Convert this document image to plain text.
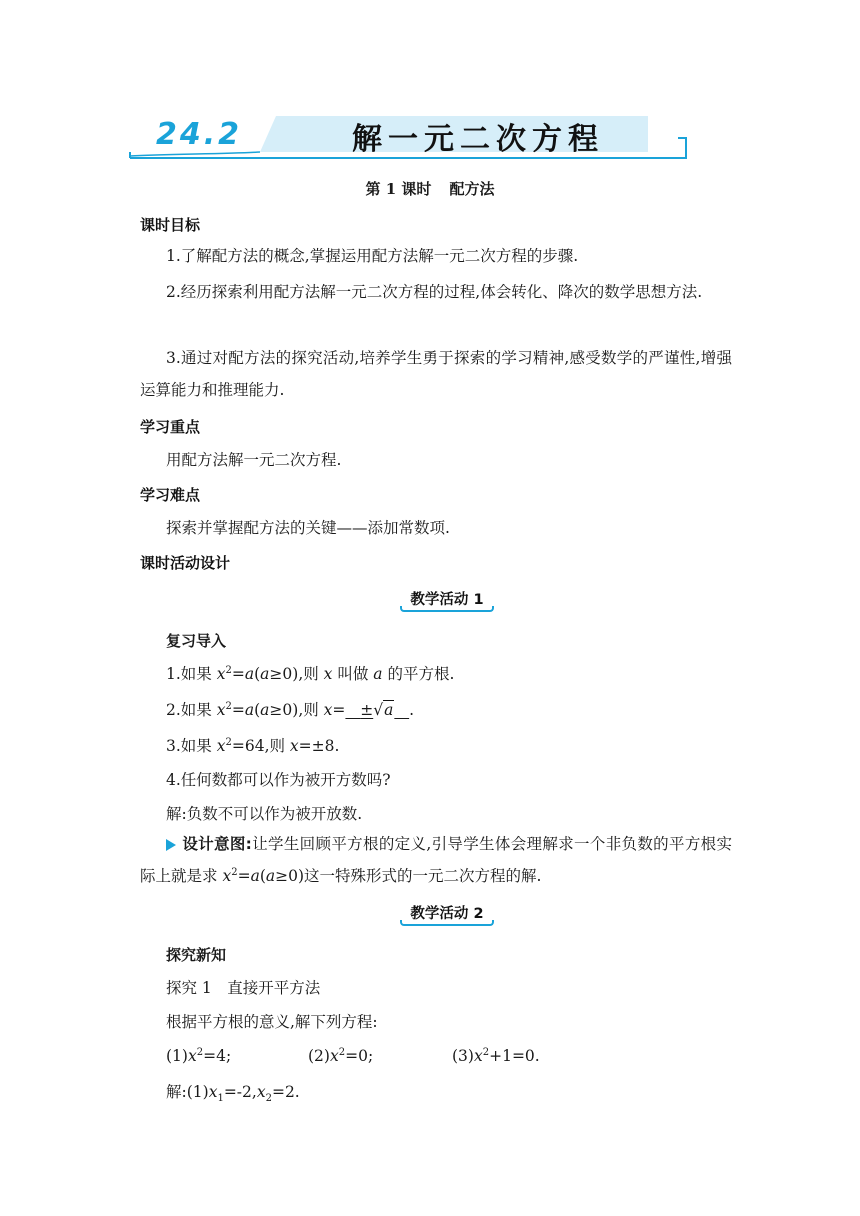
24.2	解一元二次方程
第 1 课时 配方法
课时目标
1.了解配方法的概念,掌握运用配方法解一元二次方程的步骤.
2.经历探索利用配方法解一元二次方程的过程,体会转化、降次的数学思想方法.
3.通过对配方法的探究活动,培养学生勇于探索的学习精神,感受数学的严谨性,增强运算能力和推理能力.
学习重点
用配方法解一元二次方程.
学习难点
探索并掌握配方法的关键——添加常数项.
课时活动设计
教学活动 1
复习导入
1.如果 $x^2=a(a\ge 0)$,则 x 叫做 a 的平方根.
2.如果 $x^2=a(a\ge 0)$,则 x= ±√a .
3.如果 $x^2=64$,则 x=±8.
4.任何数都可以作为被开方数吗?
解:负数不可以作为被开放数.
设计意图:让学生回顾平方根的定义,引导学生体会理解求一个非负数的平方根实际上就是求 $x^2=a(a\ge 0)$这一特殊形式的一元二次方程的解.
教学活动 2
探究新知
探究 1　直接开平方法
根据平方根的意义,解下列方程:
$(1)x^2=4$;	$(2)x^2=0$;	$(3)x^2+1=0$.
解$:(1)x_1=-2,x_2=2$.
